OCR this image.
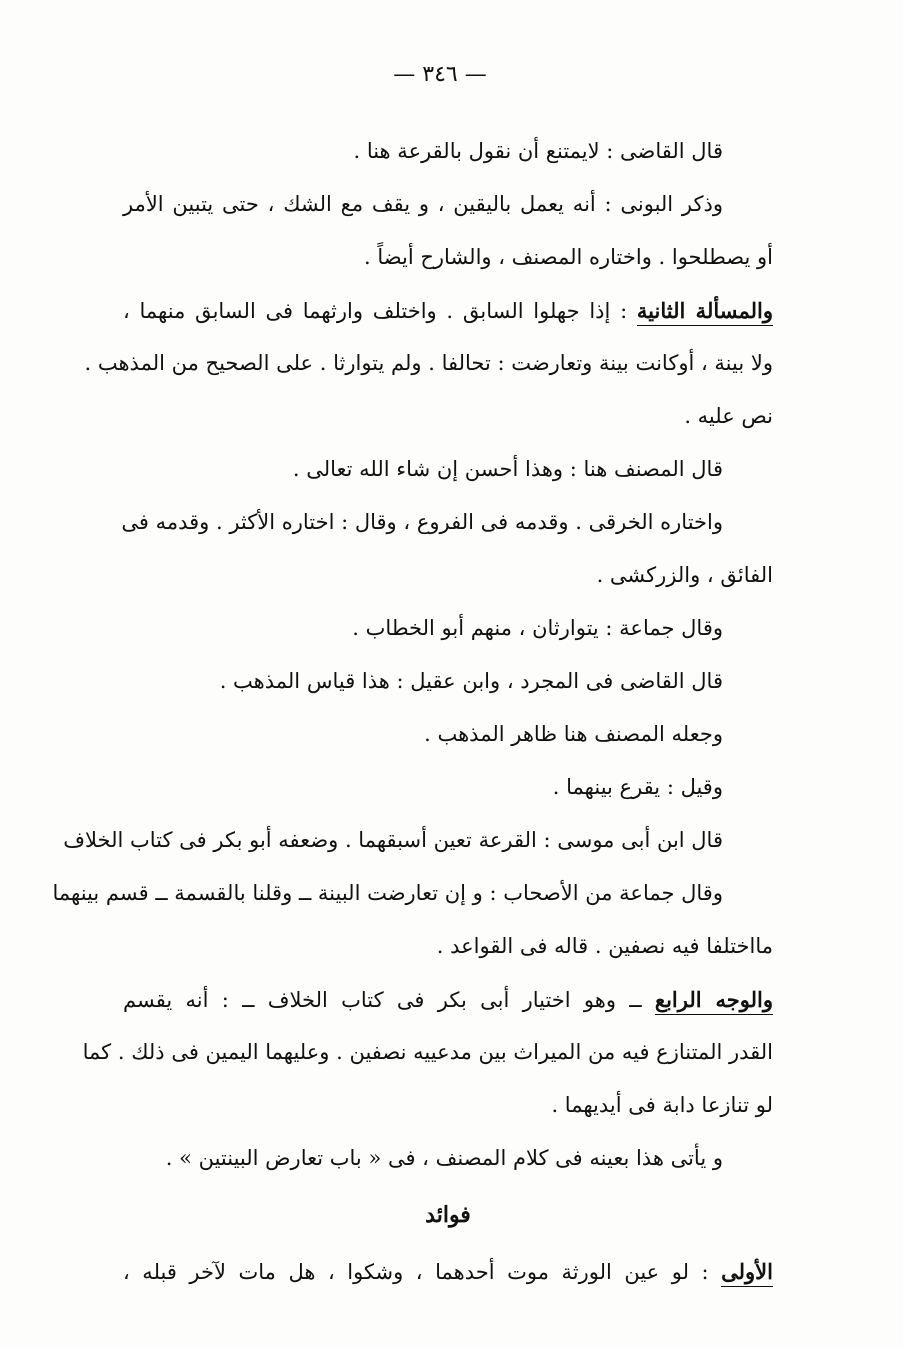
— ٣٤٦ —
قال القاضى : لايمتنع أن نقول بالقرعة هنا .
وذكر البونى : أنه يعمل باليقين ، و يقف مع الشك ، حتى يتبين الأمر
أو يصطلحوا . واختاره المصنف ، والشارح أيضاً .
والمسألة الثانية : إذا جهلوا السابق . واختلف وارثهما فى السابق منهما ،
ولا بينة ، أوكانت بينة وتعارضت : تحالفا . ولم يتوارثا . على الصحيح من المذهب .
نص عليه .
قال المصنف هنا : وهذا أحسن إن شاء الله تعالى .
واختاره الخرقى . وقدمه فى الفروع ، وقال : اختاره الأكثر . وقدمه فى
الفائق ، والزركشى .
وقال جماعة : يتوارثان ، منهم أبو الخطاب .
قال القاضى فى المجرد ، وابن عقيل : هذا قياس المذهب .
وجعله المصنف هنا ظاهر المذهب .
وقيل : يقرع بينهما .
قال ابن أبى موسى : القرعة تعين أسبقهما . وضعفه أبو بكر فى كتاب الخلاف
وقال جماعة من الأصحاب : و إن تعارضت البينة ــ وقلنا بالقسمة ــ قسم بينهما
مااختلفا فيه نصفين . قاله فى القواعد .
والوجه الرابع ــ وهو اختيار أبى بكر فى كتاب الخلاف ــ : أنه يقسم
القدر المتنازع فيه من الميراث بين مدعييه نصفين . وعليهما اليمين فى ذلك . كما
لو تنازعا دابة فى أيديهما .
و يأتى هذا بعينه فى كلام المصنف ، فى « باب تعارض البينتين » .
فوائد
الأولى : لو عين الورثة موت أحدهما ، وشكوا ، هل مات لآخر قبله ،
